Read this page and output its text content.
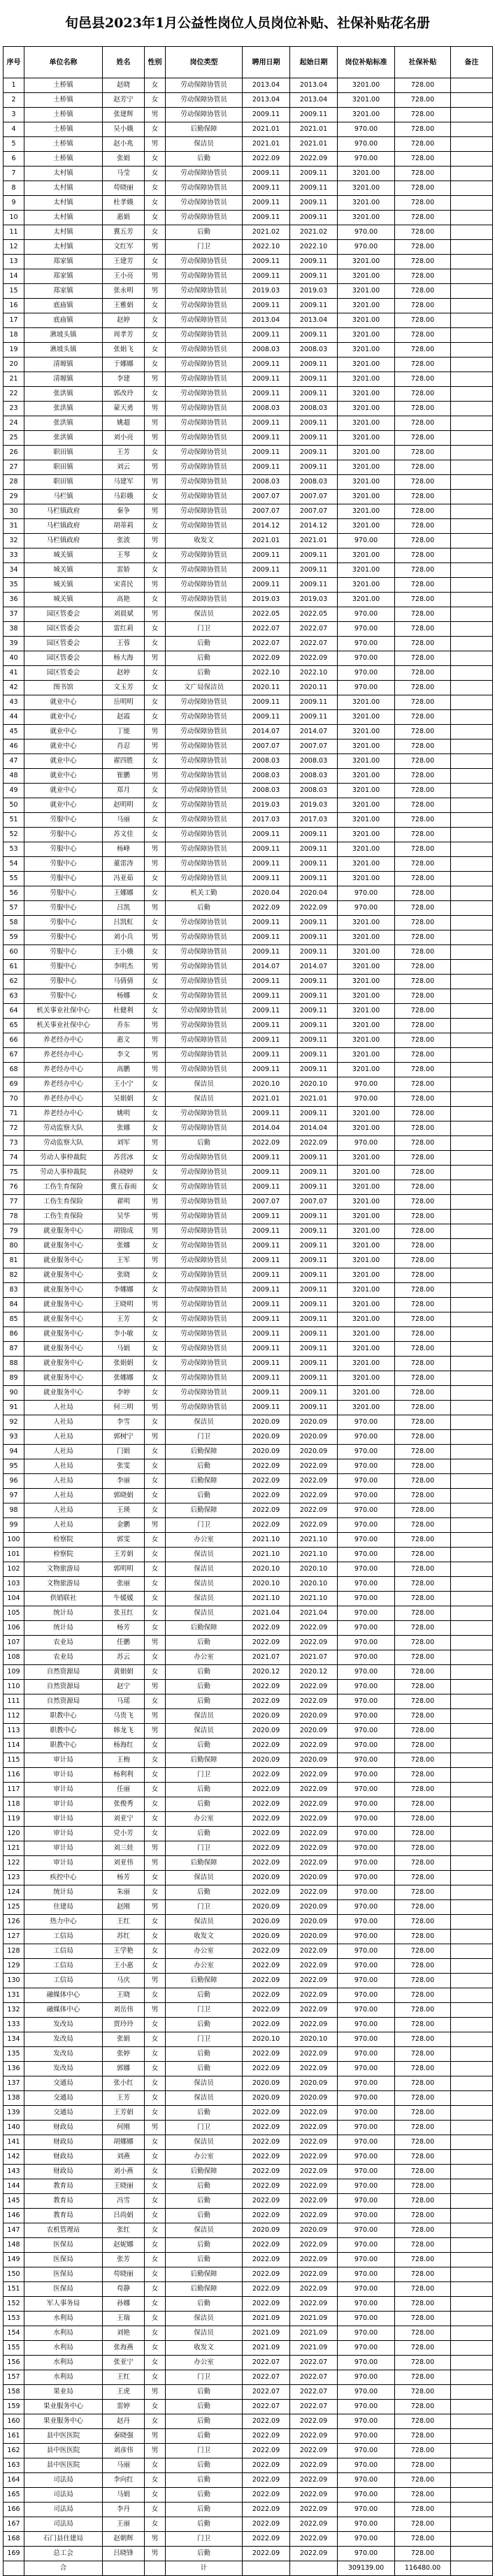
旬邑县2023年1月公益性岗位人员岗位补贴、社保补贴花名册
序号	单位名称	姓名	性别	岗位类型	聘用日期	起始日期	岗位补贴标准	社保补贴	备注
1	土桥镇	赵晓	女	劳动保障协管员	2013.04	2013.04	3201.00	728.00	
2	土桥镇	赵芳宁	女	劳动保障协管员	2013.04	2013.04	3201.00	728.00	
3	土桥镇	张建辉	男	劳动保障协管员	2009.11	2009.11	3201.00	728.00	
4	土桥镇	吴小娥	女	后勤保障	2021.01	2021.01	970.00	728.00	
5	土桥镇	赵小兆	男	保洁员	2021.01	2021.01	970.00	728.00	
6	土桥镇	张娟	女	后勤	2022.09	2022.09	970.00	728.00	
7	太村镇	马莹	女	劳动保障协管员	2009.11	2009.11	3201.00	728.00	
8	太村镇	苟晓丽	女	劳动保障协管员	2009.11	2009.11	3201.00	728.00	
9	太村镇	杜孝娥	女	劳动保障协管员	2009.11	2009.11	3201.00	728.00	
10	太村镇	惠娟	女	劳动保障协管员	2009.11	2009.11	3201.00	728.00	
11	太村镇	冀五芳	女	后勤	2021.02	2021.02	970.00	728.00	
12	太村镇	文红军	男	门卫	2022.10	2022.10	970.00	728.00	
13	郑家镇	王建芳	女	劳动保障协管员	2009.11	2009.11	3201.00	728.00	
14	郑家镇	王小亮	男	劳动保障协管员	2009.11	2009.11	3201.00	728.00	
15	郑家镇	张永明	男	劳动保障协管员	2019.03	2019.03	3201.00	728.00	
16	底庙镇	王雅娟	女	劳动保障协管员	2009.11	2009.11	3201.00	728.00	
17	底庙镇	赵婷	女	劳动保障协管员	2013.04	2013.04	3201.00	728.00	
18	湫坡头镇	周孝芳	女	劳动保障协管员	2009.11	2009.11	3201.00	728.00	
19	湫坡头镇	张娟飞	女	劳动保障协管员	2008.03	2008.03	3201.00	728.00	
20	清塬镇	于娜娜	女	劳动保障协管员	2009.11	2009.11	3201.00	728.00	
21	清塬镇	李建	男	劳动保障协管员	2009.11	2009.11	3201.00	728.00	
22	张洪镇	郭改玲	女	劳动保障协管员	2009.11	2009.11	3201.00	728.00	
23	张洪镇	蒙天勇	男	劳动保障协管员	2008.03	2008.03	3201.00	728.00	
24	张洪镇	姚超	男	劳动保障协管员	2009.11	2009.11	3201.00	728.00	
25	张洪镇	刘小亮	男	劳动保障协管员	2009.11	2009.11	3201.00	728.00	
26	职田镇	王芳	女	劳动保障协管员	2009.11	2009.11	3201.00	728.00	
27	职田镇	刘云	男	劳动保障协管员	2009.11	2009.11	3201.00	728.00	
28	职田镇	马建军	男	劳动保障协管员	2008.03	2008.03	3201.00	728.00	
29	马栏镇	马彩娥	女	劳动保障协管员	2007.07	2007.07	3201.00	728.00	
30	马栏镇政府	秦争	男	劳动保障协管员	2007.07	2007.07	3201.00	728.00	
31	马栏镇政府	胡蒂莉	女	劳动保障协管员	2014.12	2014.12	3201.00	728.00	
32	马栏镇政府	张波	男	收发文	2021.01	2021.01	970.00	728.00	
33	城关镇	王琴	女	劳动保障协管员	2009.11	2009.11	3201.00	728.00	
34	城关镇	雷娇	女	劳动保障协管员	2009.11	2009.11	3201.00	728.00	
35	城关镇	宋喜民	男	劳动保障协管员	2009.11	2009.11	3201.00	728.00	
36	城关镇	高艳	女	劳动保障协管员	2019.03	2019.03	3201.00	728.00	
37	园区管委会	刘晨斌	男	保洁员	2022.05	2022.05	970.00	728.00	
38	园区管委会	雷红莉	女	门卫	2022.07	2022.07	970.00	728.00	
39	园区管委会	王蓉	女	后勤	2022.07	2022.07	970.00	728.00	
40	园区管委会	杨大海	男	后勤	2022.09	2022.09	970.00	728.00	
41	园区管委会	赵婷	女	后勤	2022.10	2022.10	970.00	728.00	
42	图书馆	文玉芳	女	文广局保洁员	2020.11	2020.11	970.00	728.00	
43	就业中心	岳明明	女	劳动保障协管员	2009.11	2009.11	3201.00	728.00	
44	就业中心	赵霞	女	劳动保障协管员	2009.11	2009.11	3201.00	728.00	
45	就业中心	丁能	男	劳动保障协管员	2014.07	2014.07	3201.00	728.00	
46	就业中心	肖忍	男	劳动保障协管员	2007.07	2007.07	3201.00	728.00	
47	就业中心	翟四胜	女	劳动保障协管员	2008.03	2008.03	3201.00	728.00	
48	就业中心	崔鹏	男	劳动保障协管员	2008.03	2008.03	3201.00	728.00	
49	就业中心	郑月	女	劳动保障协管员	2008.03	2008.03	3201.00	728.00	
50	就业中心	赵明明	女	劳动保障协管员	2019.03	2019.03	3201.00	728.00	
51	劳服中心	马丽	女	劳动保障协管员	2017.03	2017.03	3201.00	728.00	
52	劳服中心	苏文佳	女	劳动保障协管员	2009.11	2009.11	3201.00	728.00	
53	劳服中心	杨峰	男	劳动保障协管员	2009.11	2009.11	3201.00	728.00	
54	劳服中心	董雷涛	男	劳动保障协管员	2009.11	2009.11	3201.00	728.00	
55	劳服中心	冯亚茹	女	劳动保障协管员	2009.11	2009.11	3201.00	728.00	
56	劳服中心	王娜娜	女	机关工勤	2020.04	2020.04	970.00	728.00	
57	劳服中心	吕凯	男	后勤	2022.09	2022.09	970.00	728.00	
58	劳服中心	吕凯虹	女	劳动保障协管员	2009.11	2009.11	3201.00	728.00	
59	劳服中心	刘小兵	男	劳动保障协管员	2009.11	2009.11	3201.00	728.00	
60	劳服中心	王小娥	女	劳动保障协管员	2009.11	2009.11	3201.00	728.00	
61	劳服中心	李明杰	男	劳动保障协管员	2014.07	2014.07	3201.00	728.00	
62	劳服中心	马倩倩	女	劳动保障协管员	2009.11	2009.11	3201.00	728.00	
63	劳服中心	杨娜	女	劳动保障协管员	2009.11	2009.11	3201.00	728.00	
64	机关事业社保中心	杜健利	女	劳动保障协管员	2009.11	2009.11	3201.00	728.00	
65	机关事业社保中心	乔东	男	劳动保障协管员	2009.11	2009.11	3201.00	728.00	
66	养老经办中心	惠文	男	劳动保障协管员	2009.11	2009.11	3201.00	728.00	
67	养老经办中心	李文	男	劳动保障协管员	2009.11	2009.11	3201.00	728.00	
68	养老经办中心	高鹏	男	劳动保障协管员	2009.11	2009.11	3201.00	728.00	
69	养老经办中心	王小宁	女	保洁员	2020.10	2020.10	970.00	728.00	
70	养老经办中心	吴娟娟	女	保洁员	2021.01	2021.01	970.00	728.00	
71	养老经办中心	姚明	女	劳动保障协管员	2009.11	2009.11	3201.00	728.00	
72	劳动监察大队	张娜	女	劳动保障协管员	2014.04	2014.04	3201.00	728.00	
73	劳动监察大队	刘军	男	后勤	2022.09	2022.09	970.00	728.00	
74	劳动人事仲裁院	苏营冰	女	劳动保障协管员	2009.11	2009.11	3201.00	728.00	
75	劳动人事仲裁院	孙晓婷	女	劳动保障协管员	2009.11	2009.11	3201.00	728.00	
76	工伤生育保险	冀五春雨	女	劳动保障协管员	2009.11	2009.11	3201.00	728.00	
77	工伤生育保险	翟明	男	劳动保障协管员	2007.07	2007.07	3201.00	728.00	
78	工伤生育保险	吴华	男	劳动保障协管员	2009.11	2009.11	3201.00	728.00	
79	就业服务中心	胡锦成	男	劳动保障协管员	2009.11	2009.11	3201.00	728.00	
80	就业服务中心	张娜	女	劳动保障协管员	2009.11	2009.11	3201.00	728.00	
81	就业服务中心	王军	男	劳动保障协管员	2009.11	2009.11	3201.00	728.00	
82	就业服务中心	张晓	女	劳动保障协管员	2009.11	2009.11	3201.00	728.00	
83	就业服务中心	李娜娜	女	劳动保障协管员	2009.11	2009.11	3201.00	728.00	
84	就业服务中心	王晓明	男	劳动保障协管员	2009.11	2009.11	3201.00	728.00	
85	就业服务中心	王芳	女	劳动保障协管员	2009.11	2009.11	3201.00	728.00	
86	就业服务中心	李小敏	女	劳动保障协管员	2009.11	2009.11	3201.00	728.00	
87	就业服务中心	马娟	女	劳动保障协管员	2009.11	2009.11	3201.00	728.00	
88	就业服务中心	张娟娟	女	劳动保障协管员	2009.11	2009.11	3201.00	728.00	
89	就业服务中心	张娜娜	女	劳动保障协管员	2009.11	2009.11	3201.00	728.00	
90	就业服务中心	李婷	女	劳动保障协管员	2009.11	2009.11	3201.00	728.00	
91	人社局	何三明	男	劳动保障协管员	2009.11	2009.11	3201.00	728.00	
92	人社局	李雪	女	保洁员	2020.09	2020.09	970.00	728.00	
93	人社局	郭树宁	男	门卫	2020.09	2020.09	970.00	728.00	
94	人社局	门娟	女	后勤保障	2020.09	2020.09	970.00	728.00	
95	人社局	张雯	女	后勤	2022.09	2022.09	970.00	728.00	
96	人社局	李丽	女	后勤保障	2022.09	2022.09	970.00	728.00	
97	人社局	郭晓娟	女	后勤	2022.09	2022.09	970.00	728.00	
98	人社局	王瑛	女	后勤保障	2022.09	2022.09	970.00	728.00	
99	人社局	金鹏	男	门卫	2022.09	2022.09	970.00	728.00	
100	检察院	郭雯	女	办公室	2021.10	2021.10	970.00	728.00	
101	检察院	王芳娟	女	保洁员	2021.10	2021.10	970.00	728.00	
102	文物旅游局	郭明明	女	保洁员	2020.10	2020.10	970.00	728.00	
103	文物旅游局	张丽	女	保洁员	2020.10	2020.10	970.00	728.00	
104	供销联社	牛媛媛	女	保洁员	2021.10	2021.10	970.00	728.00	
105	统计局	张丑红	女	保洁员	2021.04	2021.04	970.00	728.00	
106	统计局	杨芳	女	后勤保障	2022.09	2022.09	970.00	728.00	
107	农业局	任鹏	男	后勤	2022.09	2022.09	970.00	728.00	
108	农业局	苏云	女	办公室	2021.07	2021.07	970.00	728.00	
109	自然资源局	黄娟娟	女	后勤	2020.12	2020.12	970.00	728.00	
110	自然资源局	赵宁	男	后勤	2022.09	2022.09	970.00	728.00	
111	自然资源局	马瑶	女	后勤	2022.09	2022.09	970.00	728.00	
112	职教中心	马贵飞	男	保洁员	2020.09	2020.09	970.00	728.00	
113	职教中心	韩龙飞	男	保洁员	2020.09	2020.09	970.00	728.00	
114	职教中心	杨海红	女	后勤	2022.09	2022.09	970.00	728.00	
115	审计局	王梅	女	后勤保障	2020.09	2020.09	970.00	728.00	
116	审计局	杨利利	女	门卫	2022.09	2022.09	970.00	728.00	
117	审计局	任丽	女	后勤	2022.09	2022.09	970.00	728.00	
118	审计局	张俊秀	女	后勤	2022.09	2022.09	970.00	728.00	
119	审计局	刘亚宁	女	办公室	2022.09	2022.09	970.00	728.00	
120	审计局	党小芳	女	后勤	2022.09	2022.09	970.00	728.00	
121	审计局	刘三娃	男	门卫	2022.09	2022.09	970.00	728.00	
122	审计局	刘亚伟	男	后勤保障	2022.09	2022.09	970.00	728.00	
123	疾控中心	杨芳	女	保洁员	2020.09	2020.09	970.00	728.00	
124	统计局	朱丽	女	后勤	2022.09	2022.09	970.00	728.00	
125	住建局	赵刚	男	门卫	2020.09	2020.09	970.00	728.00	
126	热力中心	王红	女	保洁员	2020.09	2020.09	970.00	728.00	
127	工信局	苏红	女	收发文	2020.09	2020.09	970.00	728.00	
128	工信局	王学艳	女	办公室	2022.09	2022.09	970.00	728.00	
129	工信局	王小惠	女	办公室	2022.09	2022.09	970.00	728.00	
130	工信局	马庆	男	后勤保障	2022.09	2022.09	970.00	728.00	
131	融媒体中心	王晓	女	后勤	2022.09	2022.09	970.00	728.00	
132	融媒体中心	刘岳伟	男	门卫	2022.09	2022.09	970.00	728.00	
133	发改局	贾玲玲	女	后勤	2022.09	2022.09	970.00	728.00	
134	发改局	张娟	女	门卫	2020.10	2020.10	970.00	728.00	
135	发改局	张婷	女	后勤	2022.09	2022.09	970.00	728.00	
136	发改局	郭娜	女	后勤	2022.09	2022.09	970.00	728.00	
137	交通局	张小红	女	保洁员	2020.09	2020.09	970.00	728.00	
138	交通局	王芳	女	保洁员	2020.09	2020.09	970.00	728.00	
139	交通局	王芳娟	女	后勤	2022.09	2022.09	970.00	728.00	
140	财政局	何刚	男	门卫	2022.09	2022.09	970.00	728.00	
141	财政局	胡娜娜	女	保洁员	2022.09	2022.09	970.00	728.00	
142	财政局	刘燕	女	办公室	2022.09	2022.09	970.00	728.00	
143	财政局	刘小燕	女	后勤保障	2022.09	2022.09	970.00	728.00	
144	教育局	王晓丽	女	后勤	2022.09	2022.09	970.00	728.00	
145	教育局	冯雪	女	后勤	2022.09	2022.09	970.00	728.00	
146	教育局	吕尚娟	女	后勤	2022.09	2022.09	970.00	728.00	
147	农机管理站	张红	女	保洁员	2020.09	2020.09	970.00	728.00	
148	医保局	赵妮娜	女	后勤	2022.09	2022.09	970.00	728.00	
149	医保局	张芳	女	后勤	2022.09	2022.09	970.00	728.00	
150	医保局	苟晓丽	女	后勤保障	2022.09	2022.09	970.00	728.00	
151	医保局	苟静	女	后勤保障	2022.09	2022.09	970.00	728.00	
152	军人事务局	孙娜	女	后勤	2022.09	2022.09	970.00	728.00	
153	水利局	王瑞	女	保洁员	2021.09	2021.09	970.00	728.00	
154	水利局	刘艳	女	保洁员	2021.09	2021.09	970.00	728.00	
155	水利局	张海燕	女	收发文	2021.09	2021.09	970.00	728.00	
156	水利局	张亚宁	女	办公室	2022.07	2022.07	970.00	728.00	
157	水利局	王红	女	门卫	2022.07	2022.07	970.00	728.00	
158	果业局	王虎	男	后勤	2022.07	2022.07	970.00	728.00	
159	果业服务中心	雷婷	女	后勤	2022.07	2022.07	970.00	728.00	
160	果业服务中心	赵丹	女	后勤	2022.09	2022.09	970.00	728.00	
161	县中医医院	秦晓强	男	后勤	2022.09	2022.09	970.00	728.00	
162	县中医医院	刘彦伟	男	门卫	2022.09	2022.09	970.00	728.00	
163	县中医医院	马丽	女	后勤	2022.09	2022.09	970.00	728.00	
164	司法局	李向红	女	后勤	2022.09	2022.09	970.00	728.00	
165	司法局	马娟	女	后勤	2022.09	2022.09	970.00	728.00	
166	司法局	李丹	女	后勤	2022.09	2022.09	970.00	728.00	
167	司法局	王丽	女	后勤	2022.09	2022.09	970.00	728.00	
168	石门县住建局	赵朝辉	男	门卫	2022.09	2022.09	970.00	728.00	
169	总工会	吕晓锋	男	后勤	2022.09	2022.09	970.00	728.00	
	合			计			309139.00	116480.00	
